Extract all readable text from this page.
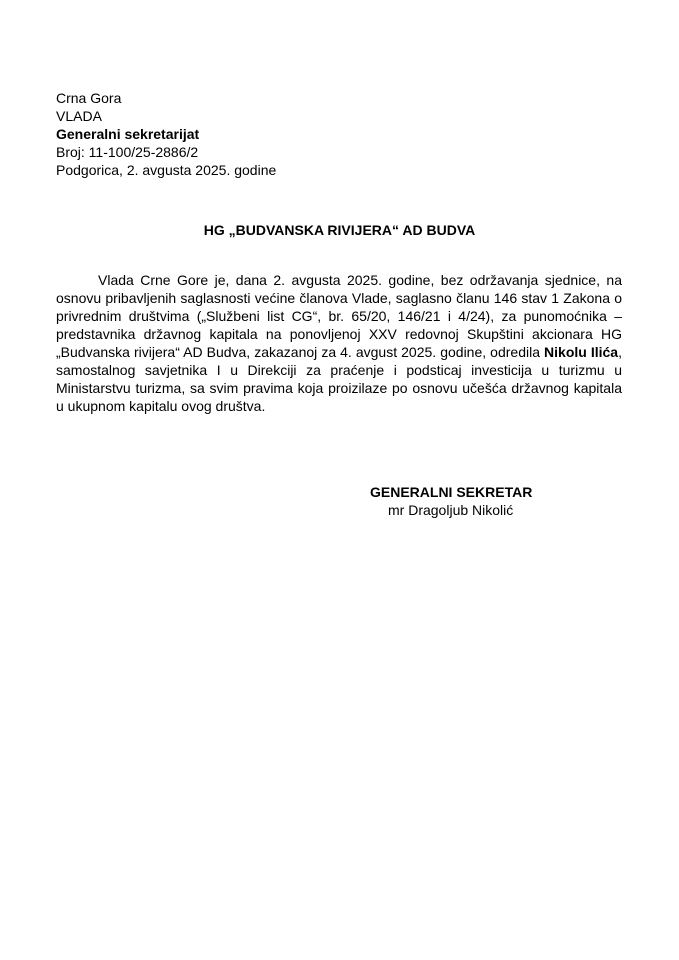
Crna Gora
VLADA
Generalni sekretarijat
Broj: 11-100/25-2886/2
Podgorica, 2. avgusta 2025. godine
HG „BUDVANSKA RIVIJERA“ AD BUDVA

Vlada Crne Gore je, dana 2. avgusta 2025. godine, bez održavanja sjednice, na osnovu pribavljenih saglasnosti većine članova Vlade, saglasno članu 146 stav 1 Zakona o privrednim društvima („Službeni list CG“, br. 65/20, 146/21 i 4/24), za punomoćnika – predstavnika državnog kapitala na ponovljenoj XXV redovnoj Skupštini akcionara HG „Budvanska rivijera“ AD Budva, zakazanoj za 4. avgust 2025. godine, odredila Nikolu Ilića, samostalnog savjetnika I u Direkciji za praćenje i podsticaj investicija u turizmu u Ministarstvu turizma, sa svim pravima koja proizilaze po osnovu učešća državnog kapitala u ukupnom kapitalu ovog društva.

GENERALNI SEKRETAR
mr Dragoljub Nikolić
